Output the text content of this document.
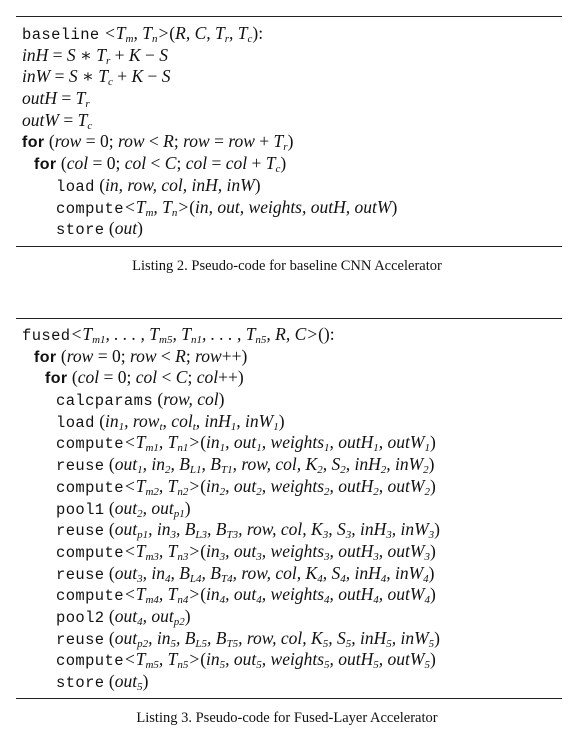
baseline $<T_m$, $T_n>(R$, C, $T_r$, $T_c$):
inH = S ∗ $T_r + K - S$
inW = S ∗ $T_c + K - S$
outH = $T_r$
outW = $T_c$
for (row = 0; row < R; row = row + $T_r$)
for (col = 0; col < C; col = col + $T_c$)
load (in, row, col, inH, inW)
$compute<T_m$, $T_n>(in$, out, weights, outH, outW)
store (out)
Listing 2. Pseudo-code for baseline CNN Accelerator
$fused<T_{m1}$, . . . , $T_{m5}$, $T_{n1}$, . . . , $T_{n5}$, R, C>():
for (row = 0; row < R; row++)
for (col = 0; col < C; col++)
calcparams (row, col)
load ($in_1$, row$_t$, col$_t$, inH$_1$, inW$_1$)
$compute<T_{m1}$, $T_{n1}>(in_1$, out$_1$, weights$_1$, outH$_1$, outW$_1$)
reuse (out$_1$, $in_2$, $B_{L1}$, $B_{T1}$, row, col, $K_2$, $S_2$, inH$_2$, inW$_2$)
$compute<T_{m2}$, $T_{n2}>(in_2$, out$_2$, weights$_2$, outH$_2$, outW$_2$)
pool1 (out$_2$, out$_{p1}$)
reuse (out$_{p1}$, $in_3$, $B_{L3}$, $B_{T3}$, row, col, $K_3$, $S_3$, inH$_3$, inW$_3$)
$compute<T_{m3}$, $T_{n3}>(in_3$, out$_3$, weights$_3$, outH$_3$, outW$_3$)
reuse (out$_3$, $in_4$, $B_{L4}$, $B_{T4}$, row, col, $K_4$, $S_4$, inH$_4$, inW$_4$)
$compute<T_{m4}$, $T_{n4}>(in_4$, out$_4$, weights$_4$, outH$_4$, outW$_4$)
pool2 (out$_4$, out$_{p2}$)
reuse (out$_{p2}$, $in_5$, $B_{L5}$, $B_{T5}$, row, col, $K_5$, $S_5$, inH$_5$, inW$_5$)
$compute<T_{m5}$, $T_{n5}>(in_5$, out$_5$, weights$_5$, outH$_5$, outW$_5$)
store (out$_5$)
Listing 3. Pseudo-code for Fused-Layer Accelerator
